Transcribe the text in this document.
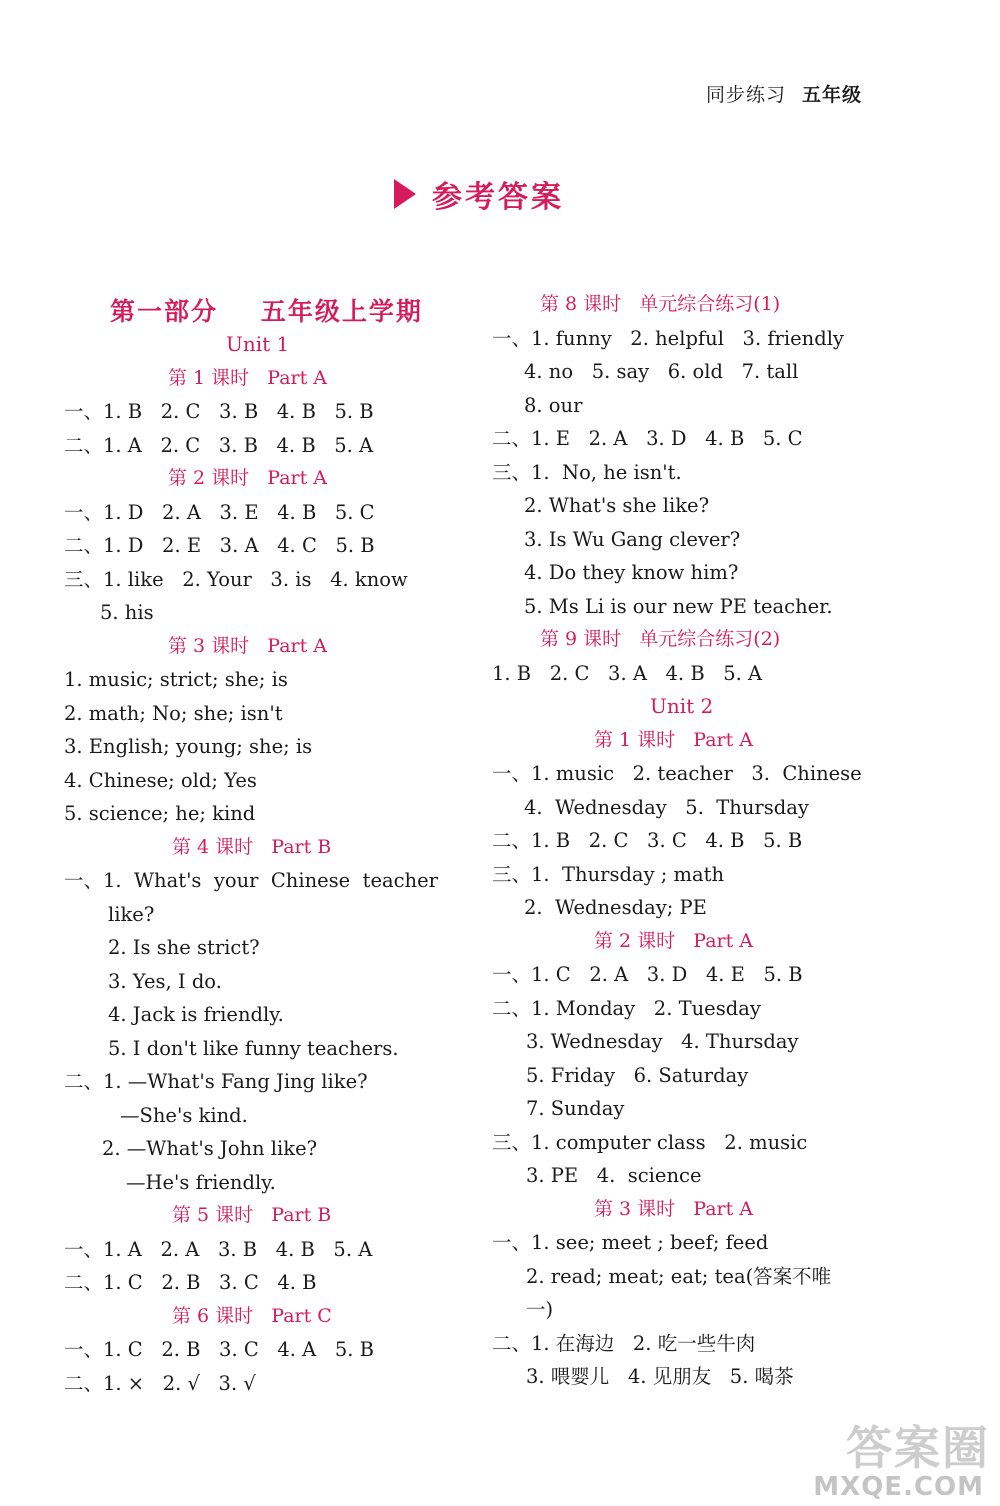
同步练习 五年级
参考答案
第一部分    五年级上学期
Unit 1
第 1 课时   Part A
一、1. B   2. C   3. B   4. B   5. B
二、1. A   2. C   3. B   4. B   5. A
第 2 课时   Part A
一、1. D   2. A   3. E   4. B   5. C
二、1. D   2. E   3. A   4. C   5. B
三、1. like   2. Your   3. is   4. know
5. his
第 3 课时   Part A
1. music; strict; she; is
2. math; No; she; isn't
3. English; young; she; is
4. Chinese; old; Yes
5. science; he; kind
第 4 课时   Part B
一、1.  What's  your  Chinese  teacher
like?
2. Is she strict?
3. Yes, I do.
4. Jack is friendly.
5. I don't like funny teachers.
二、1. —What's Fang Jing like?
—She's kind.
2. —What's John like?
—He's friendly.
第 5 课时   Part B
一、1. A   2. A   3. B   4. B   5. A
二、1. C   2. B   3. C   4. B
第 6 课时   Part C
一、1. C   2. B   3. C   4. A   5. B
二、1. ×   2. √   3. √
第 8 课时   单元综合练习(1)
一、1. funny   2. helpful   3. friendly
4. no   5. say   6. old   7. tall
8. our
二、1. E   2. A   3. D   4. B   5. C
三、1.  No, he isn't.
2. What's she like?
3. Is Wu Gang clever?
4. Do they know him?
5. Ms Li is our new PE teacher.
第 9 课时   单元综合练习(2)
1. B   2. C   3. A   4. B   5. A
Unit 2
第 1 课时   Part A
一、1. music   2. teacher   3.  Chinese
4.  Wednesday   5.  Thursday
二、1. B   2. C   3. C   4. B   5. B
三、1.  Thursday ; math
2.  Wednesday; PE
第 2 课时   Part A
一、1. C   2. A   3. D   4. E   5. B
二、1. Monday   2. Tuesday
3. Wednesday   4. Thursday
5. Friday   6. Saturday
7. Sunday
三、1. computer class   2. music
3. PE   4.  science
第 3 课时   Part A
一、1. see; meet ; beef; feed
2. read; meat; eat; tea(答案不唯
一)
二、1. 在海边   2. 吃一些牛肉
3. 喂婴儿   4. 见朋友   5. 喝茶
答案圈
MXQE.COM
